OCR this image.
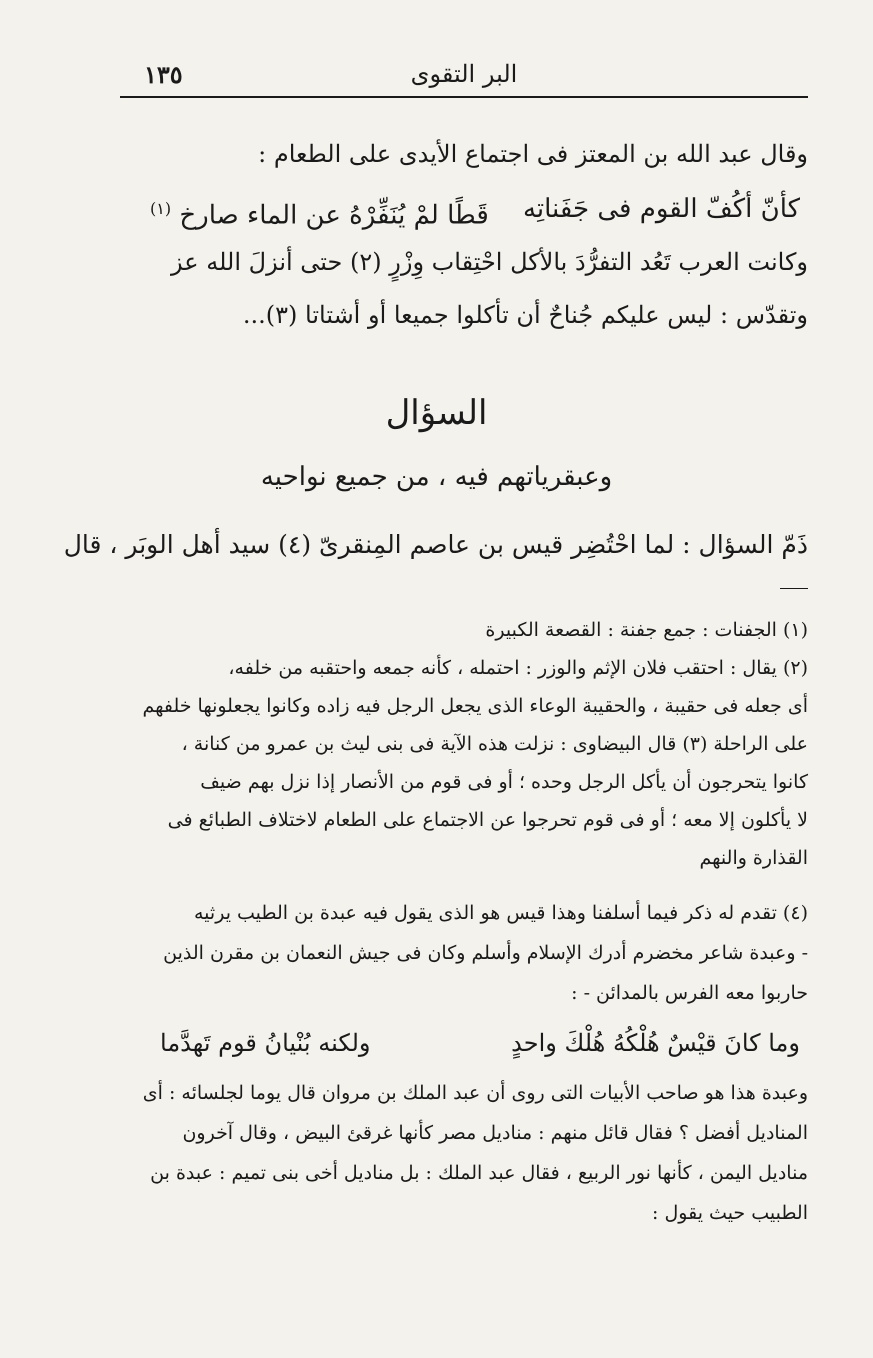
١٣٥	البر التقوى
وقال عبد الله بن المعتز فى اجتماع الأيدى على الطعام :
كأنّ أكُفّ القوم فى جَفَناتِه
قَطًا لمْ يُنَفِّرْهُ عن الماء صارخ $^{(١)}$
وكانت العرب تَعُد التفرُّدَ بالأكل احْتِقاب وِزْرٍ (٢) حتى أنزلَ الله عز
وتقدّس : ليس عليكم جُناحٌ أن تأكلوا جميعا أو أشتاتا (٣)...
السؤال
وعبقرياتهم فيه ، من جميع نواحيه
ذَمّ السؤال : لما احْتُضِر قيس بن عاصم المِنقرىّ (٤) سيد أهل الوبَر ، قال
(١) الجفنات : جمع جفنة : القصعة الكبيرة
(٢) يقال : احتقب فلان الإثم والوزر : احتمله ، كأنه جمعه واحتقبه من خلفه،
أى جعله فى حقيبة ، والحقيبة الوعاء الذى يجعل الرجل فيه زاده وكانوا يجعلونها خلفهم
على الراحلة (٣) قال البيضاوى : نزلت هذه الآية فى بنى ليث بن عمرو من كنانة ،
كانوا يتحرجون أن يأكل الرجل وحده ؛ أو فى قوم من الأنصار إذا نزل بهم ضيف
لا يأكلون إلا معه ؛ أو فى قوم تحرجوا عن الاجتماع على الطعام لاختلاف الطبائع فى
القذارة والنهم
(٤) تقدم له ذكر فيما أسلفنا وهذا قيس هو الذى يقول فيه عبدة بن الطيب يرثيه
- وعبدة شاعر مخضرم أدرك الإسلام وأسلم وكان فى جيش النعمان بن مقرن الذين
حاربوا معه الفرس بالمدائن - :
وما كانَ قيْسٌ هُلْكُهُ هُلْكَ واحدٍ
ولكنه بُنْيانُ قوم تَهدَّما
وعبدة هذا هو صاحب الأبيات التى روى أن عبد الملك بن مروان قال يوما لجلسائه : أى
المناديل أفضل ؟ فقال قائل منهم : مناديل مصر كأنها غرقئ البيض ، وقال آخرون
مناديل اليمن ، كأنها نور الربيع ، فقال عبد الملك : بل مناديل أخى بنى تميم : عبدة بن
الطبيب حيث يقول :
